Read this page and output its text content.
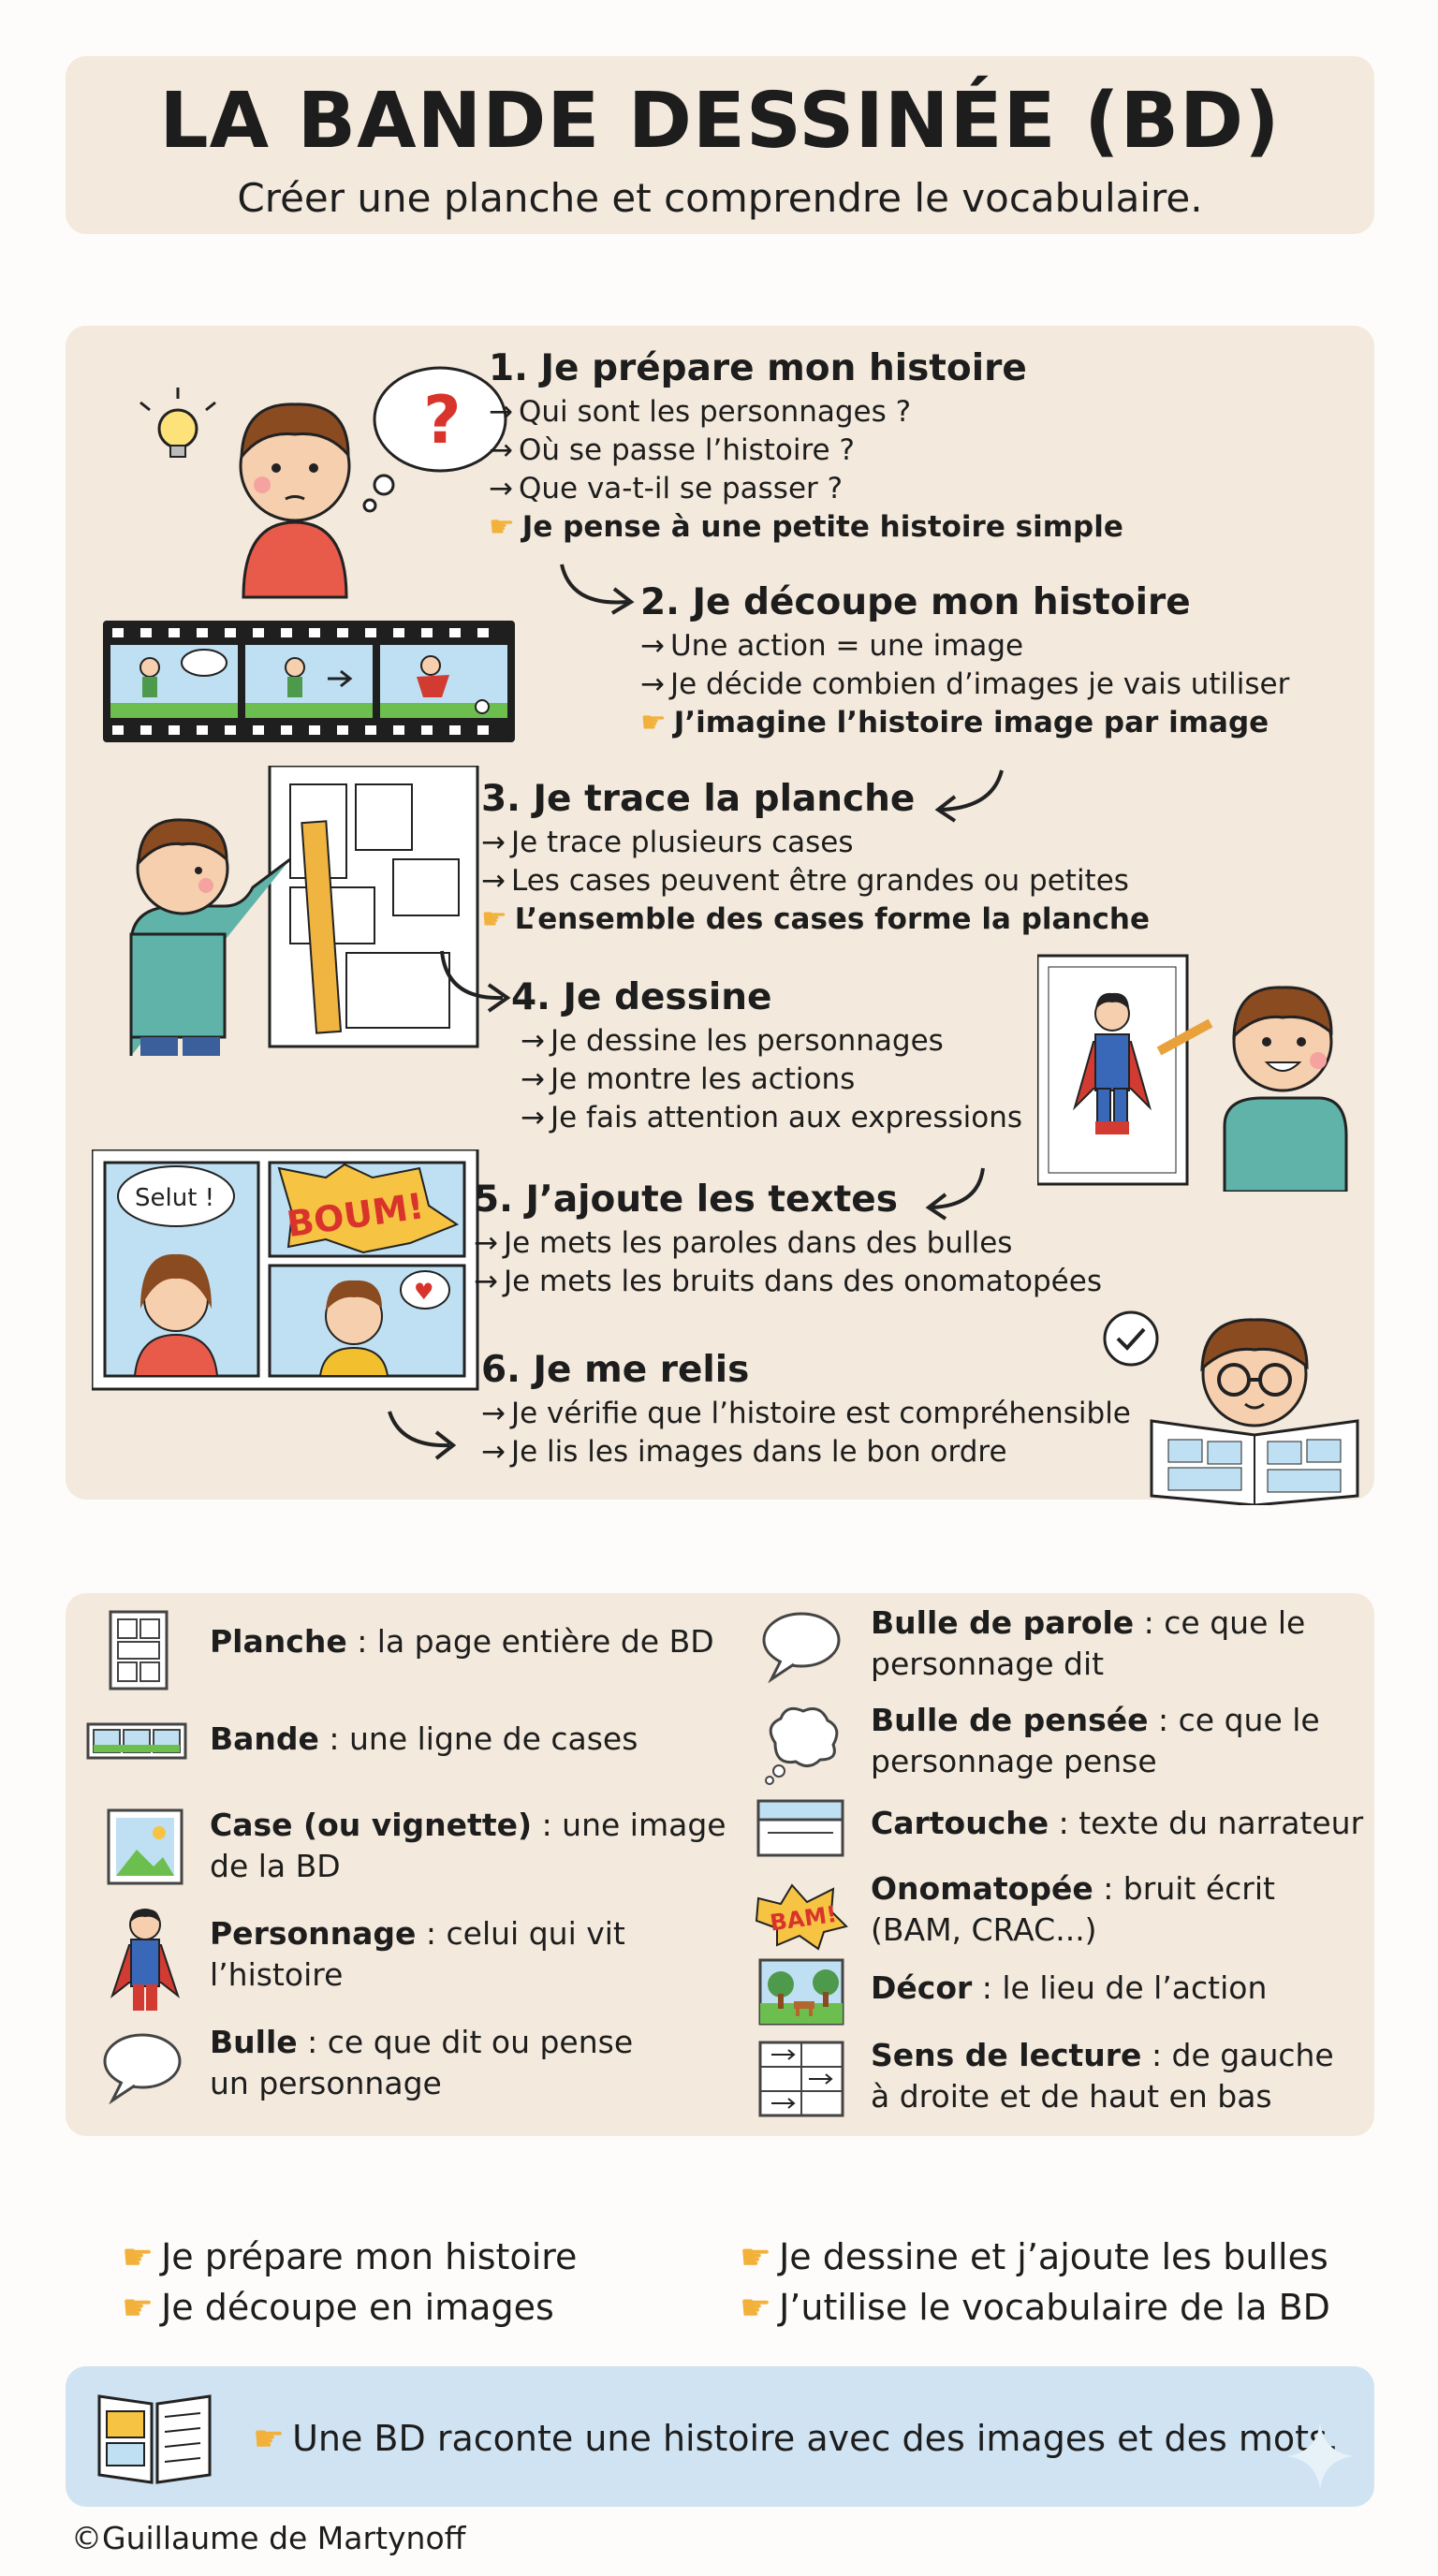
LA BANDE DESSINÉE (BD)
Créer une planche et comprendre le vocabulaire.
?
1. Je prépare mon histoire
→ Qui sont les personnages ?
→ Où se passe l’histoire ?
→ Que va-t-il se passer ?
☛ Je pense à une petite histoire simple
2. Je découpe mon histoire
→ Une action = une image
→ Je décide combien d’images je vais utiliser
☛ J’imagine l’histoire image par image
3. Je trace la planche
→ Je trace plusieurs cases
→ Les cases peuvent être grandes ou petites
☛ L’ensemble des cases forme la planche
4. Je dessine
→ Je dessine les personnages
→ Je montre les actions
→ Je fais attention aux expressions
Selut ! BOUM!
♥
5. J’ajoute les textes
→ Je mets les paroles dans des bulles
→ Je mets les bruits dans des onomatopées
6. Je me relis
→ Je vérifie que l’histoire est compréhensible
→ Je lis les images dans le bon ordre
Planche : la page entière de BD
Bande : une ligne de cases
Case (ou vignette) : une image
de la BD
Personnage : celui qui vit
l’histoire
Bulle : ce que dit ou pense
un personnage
Bulle de parole : ce que le
personnage dit
Bulle de pensée : ce que le
personnage pense
Cartouche : texte du narrateur
BAM!
Onomatopée : bruit écrit
(BAM, CRAC...)
Décor : le lieu de l’action
Sens de lecture : de gauche
à droite et de haut en bas
☛ Je prépare mon histoire
☛ Je découpe en images
☛ Je dessine et j’ajoute les bulles
☛ J’utilise le vocabulaire de la BD
☛ Une BD raconte une histoire avec des images et des mots.
©Guillaume de Martynoff
